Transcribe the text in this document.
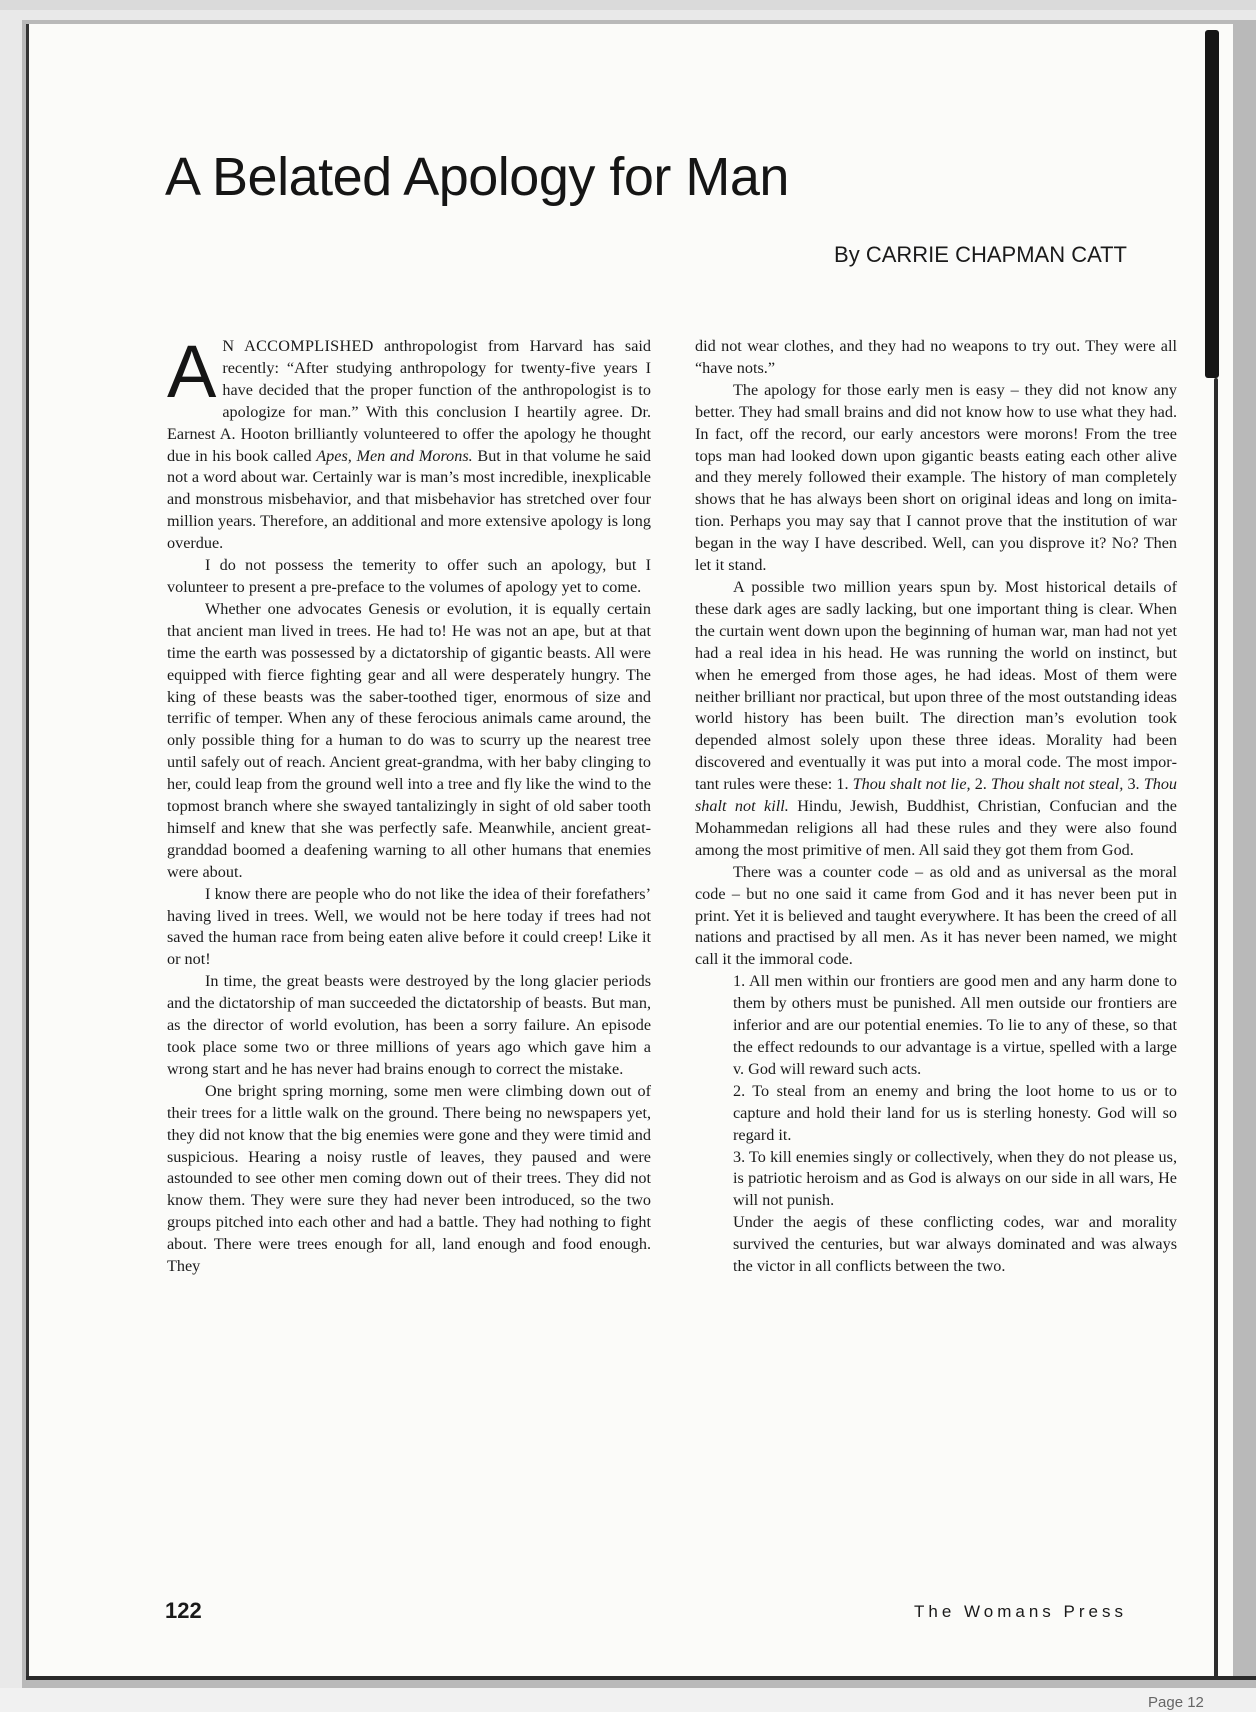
A Belated Apology for Man
By CARRIE CHAPMAN CATT

A N ACCOMPLISHED anthropologist from Harvard has said recently: “After studying anthropology for twenty-five years I have decided that the proper function of the anthropologist is to apologize for man.” With this conclusion I heartily agree. Dr. Earnest A. Hooton brilliantly volunteered to offer the apology he thought due in his book called Apes, Men and Morons. But in that volume he said not a word about war. Certainly war is man’s most incredible, inexplicable and monstrous misbehavior, and that misbehavior has stretched over four million years. Therefore, an additional and more extensive apology is long overdue.

I do not possess the temerity to offer such an apology, but I volunteer to present a pre-preface to the volumes of apology yet to come.

Whether one advocates Genesis or evolution, it is equally certain that ancient man lived in trees. He had to! He was not an ape, but at that time the earth was possessed by a dictatorship of gigantic beasts. All were equipped with fierce fighting gear and all were desperately hungry. The king of these beasts was the saber-toothed tiger, enormous of size and terrific of temper. When any of these ferocious animals came around, the only possible thing for a human to do was to scurry up the nearest tree until safely out of reach. Ancient great-grandma, with her baby clinging to her, could leap from the ground well into a tree and fly like the wind to the topmost branch where she swayed tantalizingly in sight of old saber tooth himself and knew that she was perfectly safe. Meanwhile, ancient great-granddad boomed a deafening warning to all other humans that enemies were about.

I know there are people who do not like the idea of their forefathers’ having lived in trees. Well, we would not be here today if trees had not saved the human race from being eaten alive before it could creep! Like it or not!

In time, the great beasts were destroyed by the long glacier periods and the dictatorship of man succeeded the dictatorship of beasts. But man, as the director of world evolution, has been a sorry failure. An episode took place some two or three millions of years ago which gave him a wrong start and he has never had brains enough to correct the mistake.

One bright spring morning, some men were climbing down out of their trees for a little walk on the ground. There being no newspapers yet, they did not know that the big enemies were gone and they were timid and suspicious. Hearing a noisy rustle of leaves, they paused and were astounded to see other men coming down out of their trees. They did not know them. They were sure they had never been introduced, so the two groups pitched into each other and had a battle. They had nothing to fight about. There were trees enough for all, land enough and food enough. They

did not wear clothes, and they had no weapons to try out. They were all “have nots.”

The apology for those early men is easy – they did not know any better. They had small brains and did not know how to use what they had. In fact, off the record, our early ancestors were morons! From the tree tops man had looked down upon gigantic beasts eating each other alive and they merely followed their example. The history of man completely shows that he has always been short on original ideas and long on imitation. Perhaps you may say that I cannot prove that the institution of war began in the way I have described. Well, can you disprove it? No? Then let it stand.

A possible two million years spun by. Most historical details of these dark ages are sadly lacking, but one important thing is clear. When the curtain went down upon the beginning of human war, man had not yet had a real idea in his head. He was running the world on instinct, but when he emerged from those ages, he had ideas. Most of them were neither brilliant nor practical, but upon three of the most outstanding ideas world history has been built. The direction man’s evolution took depended almost solely upon these three ideas. Morality had been discovered and eventually it was put into a moral code. The most important rules were these: 1. Thou shalt not lie, 2. Thou shalt not steal, 3. Thou shalt not kill. Hindu, Jewish, Buddhist, Christian, Confucian and the Mohammedan religions all had these rules and they were also found among the most primitive of men. All said they got them from God.

There was a counter code – as old and as universal as the moral code – but no one said it came from God and it has never been put in print. Yet it is believed and taught everywhere. It has been the creed of all nations and practised by all men. As it has never been named, we might call it the immoral code.

1. All men within our frontiers are good men and any harm done to them by others must be punished. All men outside our frontiers are inferior and are our potential enemies. To lie to any of these, so that the effect redounds to our advantage is a virtue, spelled with a large v. God will reward such acts.

2. To steal from an enemy and bring the loot home to us or to capture and hold their land for us is sterling honesty. God will so regard it.

3. To kill enemies singly or collectively, when they do not please us, is patriotic heroism and as God is always on our side in all wars, He will not punish.

Under the aegis of these conflicting codes, war and morality survived the centuries, but war always dominated and was always the victor in all conflicts between the two.

122	The Womans Press
Page 12
